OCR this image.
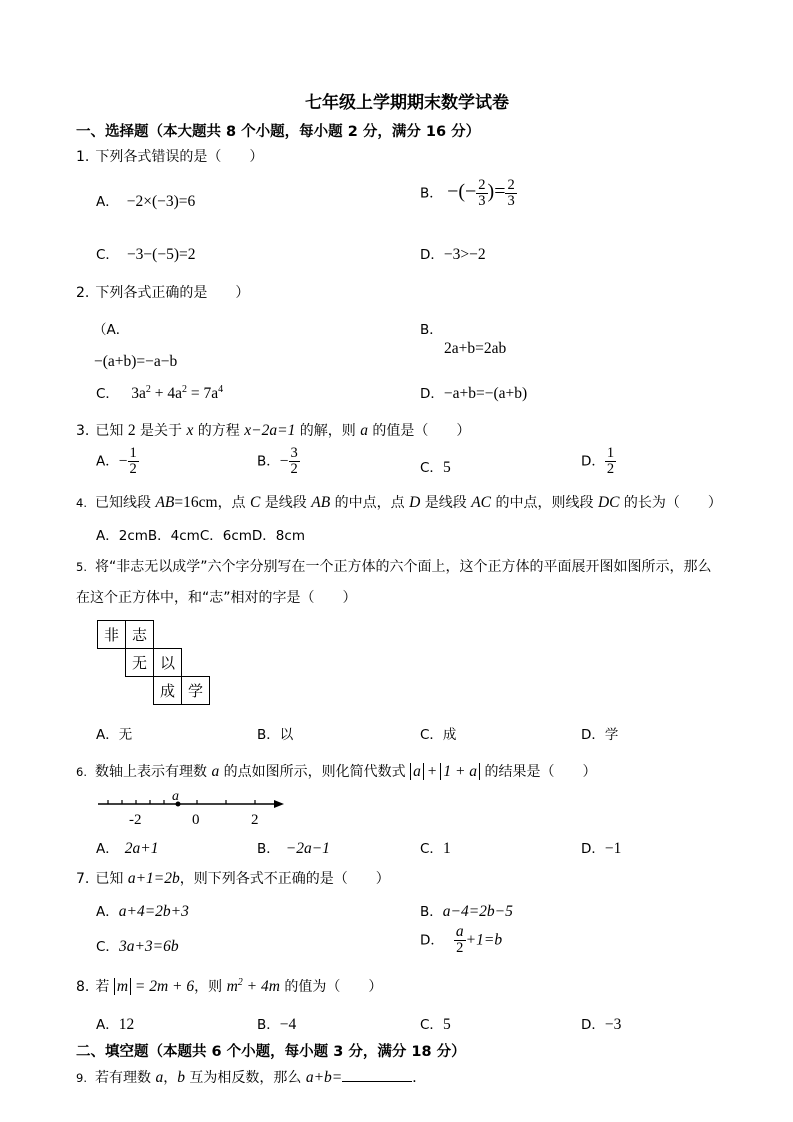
七年级上学期期末数学试卷
一、选择题（本大题共 8 个小题，每小题 2 分，满分 16 分）
1. 下列各式错误的是（　　）
A． −2×(−3)=6	B． −(− $\frac{2}{3}$ )= $\frac{2}{3}$
C． −3−(−5)=2	D．−3>−2
2. 下列各式正确的是　　）
（A．	B．
2a+b=2ab
−(a+b)=−a−b
C． $3a^2 + 4a^2 = 7a^4$	D．−a+b=−(a+b)
3. 已知 2 是关于 x 的方程 x−2a=1 的解，则 a 的值是（　　）
A．− $\frac{1}{2}$	B．− $\frac{3}{2}$	C．5	D． $\frac{1}{2}$
4. 已知线段 AB=16cm，点 C 是线段 AB 的中点，点 D 是线段 AC 的中点，则线段 DC 的长为（　　）
A．2cmB．4cmC．6cmD．8cm
5. 将“非志无以成学”六个字分别写在一个正方体的六个面上，这个正方体的平面展开图如图所示，那么
在这个正方体中，和“志”相对的字是（　　）
非 志
无 以
成 学
A．无	B．以	C．成	D．学
6. 数轴上表示有理数 a 的点如图所示，则化简代数式 a + 1 + a 的结果是（　　）
a
-2	0	2
A． 2a+1	B． −2a−1	C．1	D．−1
7. 已知 a+1=2b，则下列各式不正确的是（　　）
A．a+4=2b+3	B．a−4=2b−5
C．3a+3=6b	D． $\frac{a}{2} +1=b$
8. 若 m = 2m + 6，则 $m^2 + 4m$ 的值为（　　）
A．12	B．−4	C．5	D．−3
二、填空题（本题共 6 个小题，每小题 3 分，满分 18 分）
9. 若有理数 a，b 互为相反数，那么 a+b=	．
